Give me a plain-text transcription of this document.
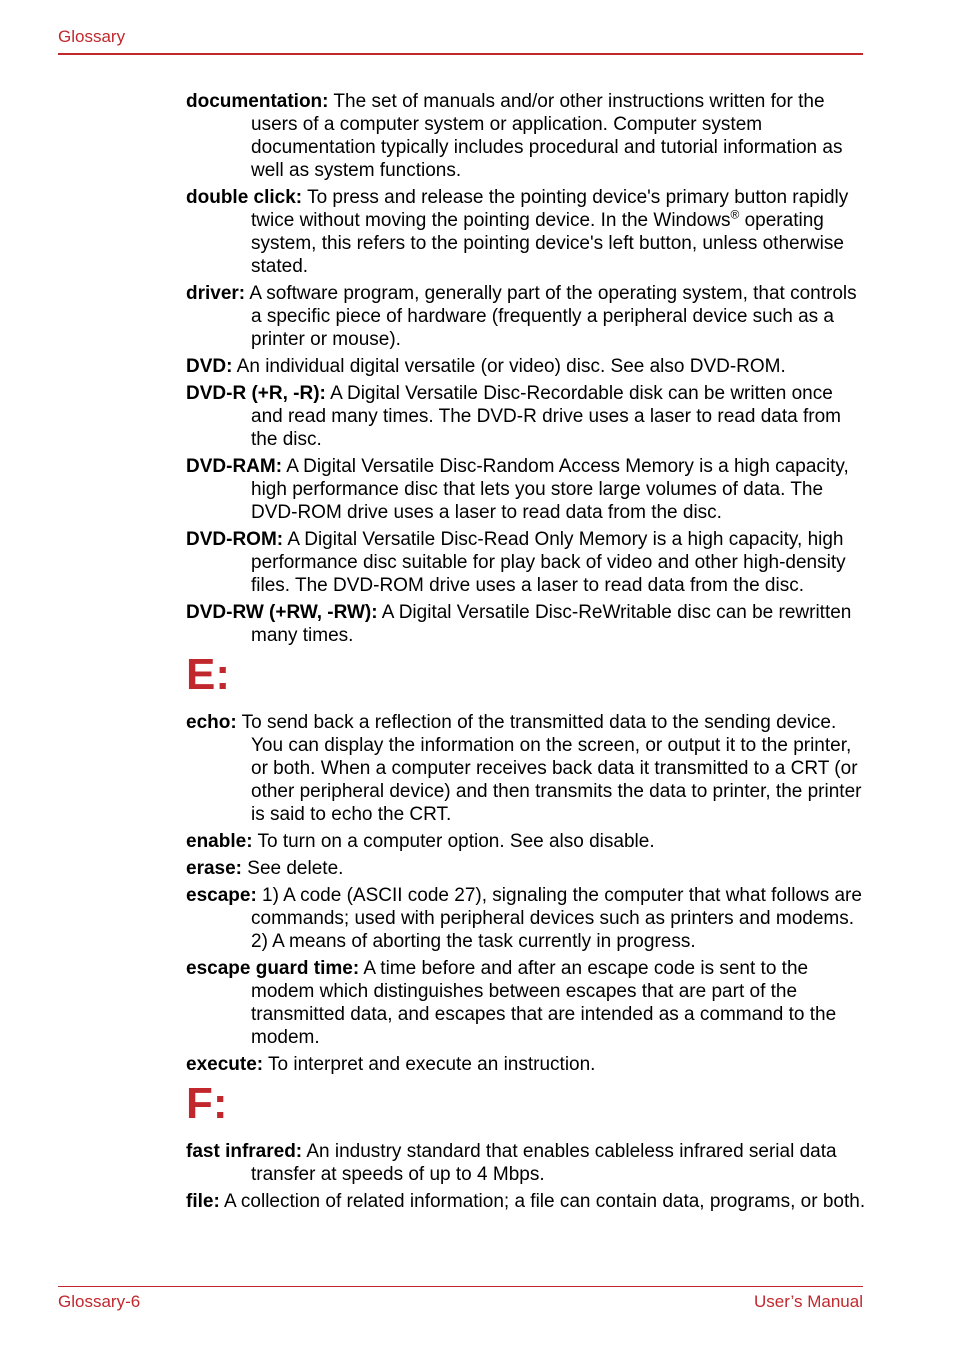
Glossary

documentation: The set of manuals and/or other instructions written for the users of a computer system or application. Computer system documentation typically includes procedural and tutorial information as well as system functions.

double click: To press and release the pointing device's primary button rapidly twice without moving the pointing device. In the Windows® operating system, this refers to the pointing device's left button, unless otherwise stated.

driver: A software program, generally part of the operating system, that controls a specific piece of hardware (frequently a peripheral device such as a printer or mouse).

DVD: An individual digital versatile (or video) disc. See also DVD-ROM.

DVD-R (+R, -R): A Digital Versatile Disc-Recordable disk can be written once and read many times. The DVD-R drive uses a laser to read data from the disc.

DVD-RAM: A Digital Versatile Disc-Random Access Memory is a high capacity, high performance disc that lets you store large volumes of data. The DVD-ROM drive uses a laser to read data from the disc.

DVD-ROM: A Digital Versatile Disc-Read Only Memory is a high capacity, high performance disc suitable for play back of video and other high-density files. The DVD-ROM drive uses a laser to read data from the disc.

DVD-RW (+RW, -RW): A Digital Versatile Disc-ReWritable disc can be rewritten many times.

E:

echo: To send back a reflection of the transmitted data to the sending device. You can display the information on the screen, or output it to the printer, or both. When a computer receives back data it transmitted to a CRT (or other peripheral device) and then transmits the data to printer, the printer is said to echo the CRT.

enable: To turn on a computer option. See also disable.

erase: See delete.

escape: 1) A code (ASCII code 27), signaling the computer that what follows are commands; used with peripheral devices such as printers and modems.
2) A means of aborting the task currently in progress.

escape guard time: A time before and after an escape code is sent to the modem which distinguishes between escapes that are part of the transmitted data, and escapes that are intended as a command to the modem.

execute: To interpret and execute an instruction.

F:

fast infrared: An industry standard that enables cableless infrared serial data transfer at speeds of up to 4 Mbps.

file: A collection of related information; a file can contain data, programs, or both.

Glossary-6	User’s Manual
